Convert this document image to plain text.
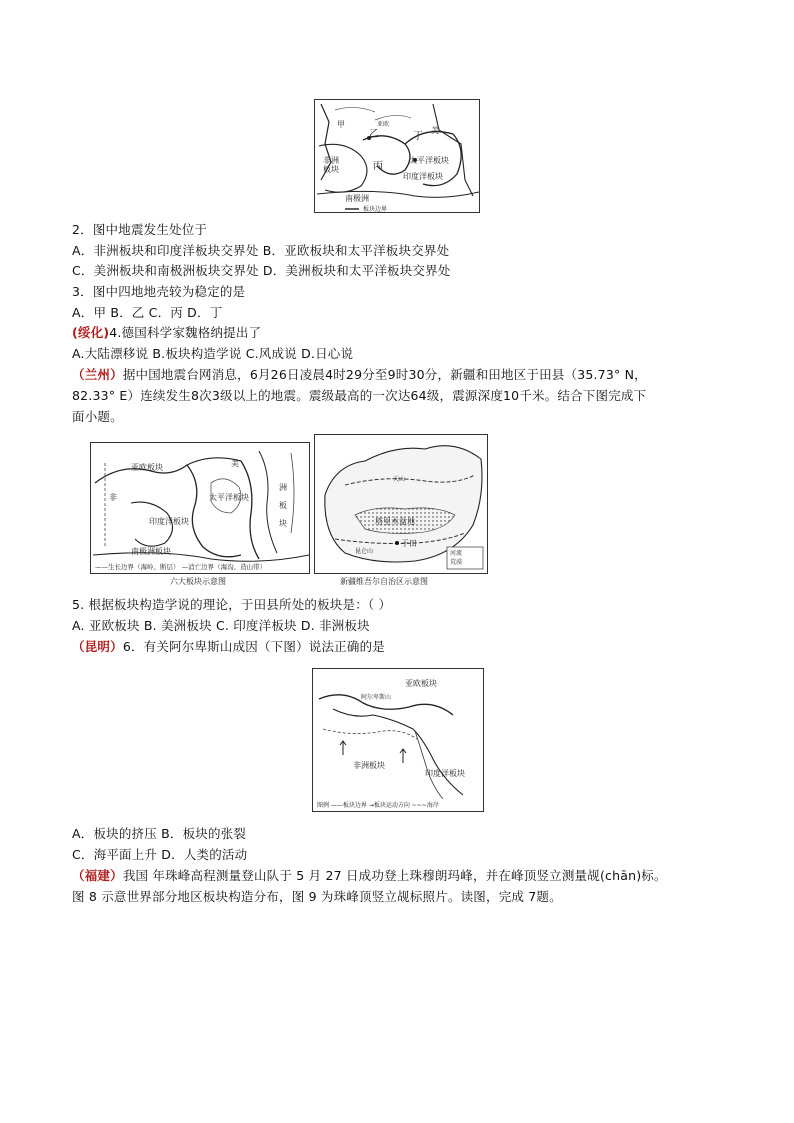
甲
乙	丁
丙
美
非洲板块
太平洋板块
印度洋板块
南极洲
板块边界
亚欧
2．图中地震发生处位于
A．非洲板块和印度洋板块交界处 B．亚欧板块和太平洋板块交界处
C．美洲板块和南极洲板块交界处 D．美洲板块和太平洋板块交界处
3．图中四地地壳较为稳定的是
A．甲 B．乙 C．丙 D．丁
(绥化)4.德国科学家魏格纳提出了
A.大陆漂移说 B.板块构造学说 C.风成说 D.日心说
（兰州）据中国地震台网消息，6月26日凌晨4时29分至9时30分，新疆和田地区于田县（35.73° N，
82.33° E）连续发生8次3级以上的地震。震级最高的一次达64级，震源深度10千米。结合下图完成下
面小题。
亚欧板块
太平洋板块
美
洲
板
块
印度洋板块
非
南极洲板块
——生长边界（海岭、断层） —消亡边界（海沟、造山带）
六大板块示意图
塔里木盆地
于田
天山
昆仑山	河流
荒漠
新疆维吾尔自治区示意图
5. 根据板块构造学说的理论，于田县所处的板块是：（ ）
A. 亚欧板块 B. 美洲板块 C. 印度洋板块 D. 非洲板块
（昆明）6．有关阿尔卑斯山成因（下图）说法正确的是
亚欧板块
阿尔卑斯山
非洲板块
印度洋板块
图例 ——板块边界 →板块运动方向 ~~~海岸
A．板块的挤压 B．板块的张裂
C．海平面上升 D．人类的活动
（福建）我国 年珠峰高程测量登山队于 5 月 27 日成功登上珠穆朗玛峰，并在峰顶竖立测量觇(chān)标。
图 8 示意世界部分地区板块构造分布，图 9 为珠峰顶竖立觇标照片。读图，完成 7题。
